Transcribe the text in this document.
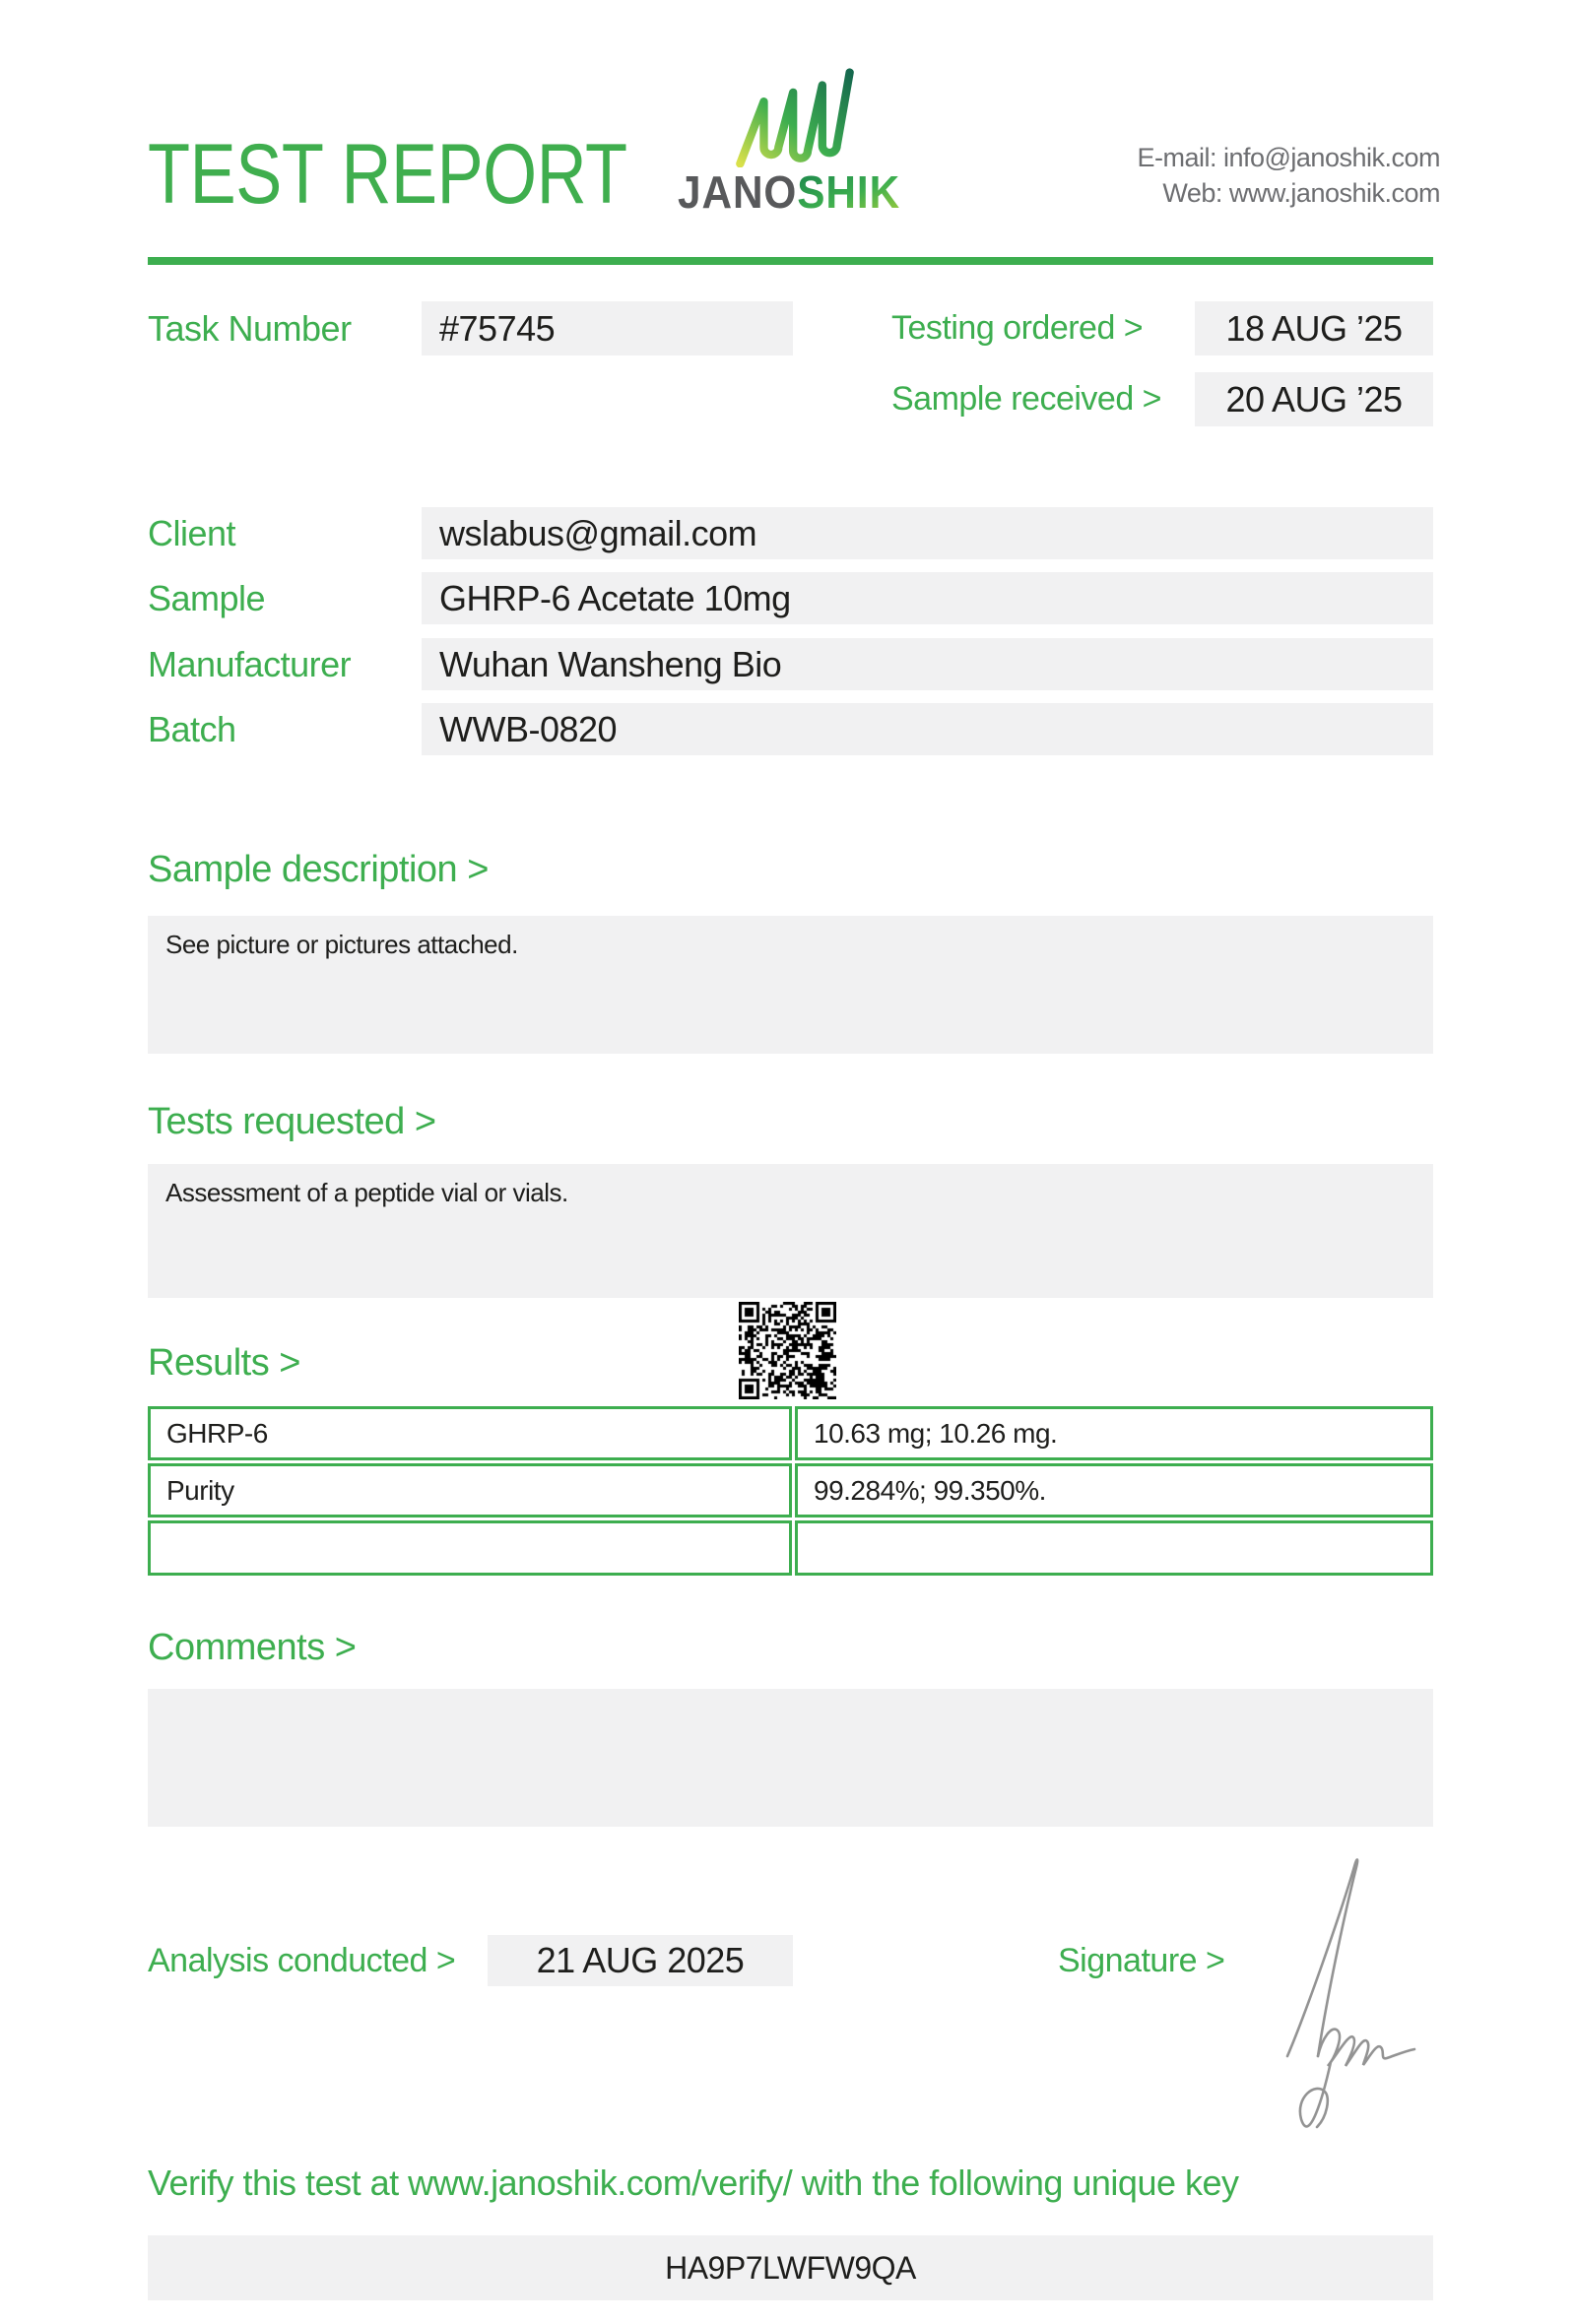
TEST REPORT JANOSHIK
E-mail: info@janoshik.com
Web: www.janoshik.com
Task Number #75745	Testing ordered > 18 AUG ’25
Sample received > 20 AUG ’25
Client	wslabus@gmail.com
Sample	GHRP-6 Acetate 10mg
Manufacturer Wuhan Wansheng Bio
Batch	WWB-0820
Sample description >
See picture or pictures attached.
Tests requested >
Assessment of a peptide vial or vials.
Results >
GHRP-6	10.63 mg; 10.26 mg.
Purity	99.284%; 99.350%.
Comments >
Analysis conducted > 21 AUG 2025	Signature >
Verify this test at www.janoshik.com/verify/ with the following unique key
HA9P7LWFW9QA
